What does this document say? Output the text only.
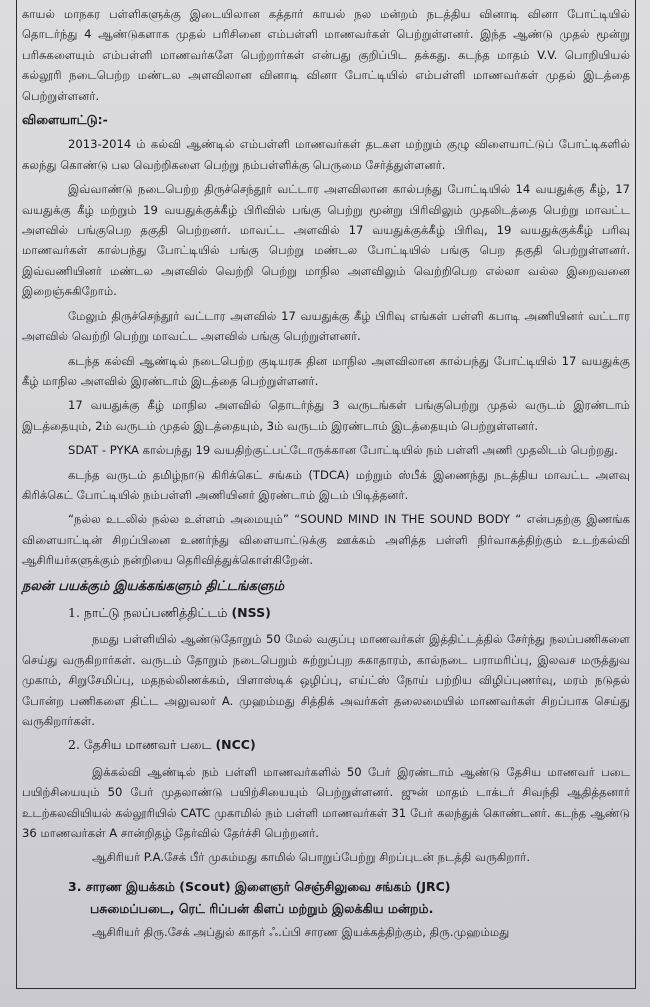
காயல் மாநகர பள்ளிகளுக்கு இடையிலான கத்தார் காயல் நல மன்றம் நடத்திய வினாடி வினா போட்டியில் தொடர்ந்து 4 ஆண்டுகளாக முதல் பரிசினை எம்பள்ளி மாணவர்கள் பெற்றுள்ளனர். இந்த ஆண்டு முதல் மூன்று பரிசுகளையும் எம்பள்ளி மாணவர்களே பெற்றார்கள் என்பது குறிப்பிட தக்கது. கடந்த மாதம் V.V. பொறியியல் கல்லூரி நடைபெற்ற மண்டல அளவிலான வினாடி வினா போட்டியில் எம்பள்ளி மாணவர்கள் முதல் இடத்தை பெற்றுள்ளனர்.

விளையாட்டு:-

2013-2014 ம் கல்வி ஆண்டில் எம்பள்ளி மாணவர்கள் தடகள மற்றும் குழு விளையாட்டுப் போட்டிகளில் கலந்து கொண்டு பல வெற்றிகளை பெற்று நம்பள்ளிக்கு பெருமை சேர்த்துள்ளனர்.

இவ்வாண்டு நடைபெற்ற திருச்செந்தூர் வட்டார அளவிலான கால்பந்து போட்டியில் 14 வயதுக்கு கீழ், 17 வயதுக்கு கீழ் மற்றும் 19 வயதுக்குக்கீழ் பிரிவில் பங்கு பெற்று மூன்று பிரிவிலும் முதலிடத்தை பெற்று மாவட்ட அளவில் பங்குபெற தகுதி பெற்றனர். மாவட்ட அளவில் 17 வயதுக்குக்கீழ் பிரிவு, 19 வயதுக்குக்கீழ் பரிவு மாணவர்கள் கால்பந்து போட்டியில் பங்கு பெற்று மண்டல போட்டியில் பங்கு பெற தகுதி பெற்றுள்ளனர். இவ்வணியினர் மண்டல அளவில் வெற்றி பெற்று மாநில அளவிலும் வெற்றிபெற எல்லா வல்ல இறைவனை இறைஞ்சுகிறோம்.

மேலும் திருச்செந்தூர் வட்டார அளவில் 17 வயதுக்கு கீழ் பிரிவு எங்கள் பள்ளி கபாடி அணியினர் வட்டார அளவில் வெற்றி பெற்று மாவட்ட அளவில் பங்கு பெற்றுள்ளனர்.

கடந்த கல்வி ஆண்டில் நடைபெற்ற குடியரசு தின மாநில அளவிலான கால்பந்து போட்டியில் 17 வயதுக்கு கீழ் மாநில அளவில் இரண்டாம் இடத்தை பெற்றுள்ளனர்.

17 வயதுக்கு கீழ் மாநில அளவில் தொடர்ந்து 3 வருடங்கள் பங்குபெற்று முதல் வருடம் இரண்டாம் இடத்தையும், 2ம் வருடம் முதல் இடத்தையும், 3ம் வருடம் இரண்டாம் இடத்தையும் பெற்றுள்ளனர்.

SDAT - PYKA கால்பந்து 19 வயதிற்குட்பட்டோருக்கான போட்டியில் நம் பள்ளி அணி முதலிடம் பெற்றது.

கடந்த வருடம் தமிழ்நாடு கிரிக்கெட் சங்கம் (TDCA) மற்றும் ஸ்பீக் இணைந்து நடத்திய மாவட்ட அளவு கிரிக்கெட் போட்டியில் நம்பள்ளி அணியினர் இரண்டாம் இடம் பிடித்தனர்.

“நல்ல உடலில் நல்ல உள்ளம் அமையும்” “SOUND MIND IN THE SOUND BODY “ என்பதற்கு இணங்க விளையாட்டின் சிறப்பினை உணர்ந்து விளையாட்டுக்கு ஊக்கம் அளித்த பள்ளி நிர்வாகத்திற்கும் உடற்கல்வி ஆசிரியர்களுக்கும் நன்றியை தெரிவித்துக்கொள்கிறேன்.

நலன் பயக்கும் இயக்கங்களும் திட்டங்களும்
1. நாட்டு நலப்பணித்திட்டம் (NSS)

நமது பள்ளியில் ஆண்டுதோறும் 50 மேல் வகுப்பு மாணவர்கள் இத்திட்டத்தில் சேர்ந்து நலப்பணிகளை செய்து வருகிறார்கள். வருடம் தோறும் நடைபெறும் சுற்றுப்புற சுகாதாரம், கால்நடை பராமரிப்பு, இலவச மருத்துவ முகாம், சிறுசேமிப்பு, மதநல்லிணக்கம், பிளாஸ்டிக் ஒழிப்பு, எய்ட்ஸ் நோய் பற்றிய விழிப்புணர்வு, மரம் நடுதல் போன்ற பணிகளை திட்ட அலுவலர் A. முஹம்மது சித்திக் அவர்கள் தலைமையில் மாணவர்கள் சிறப்பாக செய்து வருகிறார்கள்.

2. தேசிய மாணவர் படை (NCC)

இக்கல்வி ஆண்டில் நம் பள்ளி மாணவர்களில் 50 பேர் இரண்டாம் ஆண்டு தேசிய மாணவர் படை பயிற்சியையும் 50 பேர் முதலாண்டு பயிற்சியையும் பெற்றுள்ளனர். ஜுன் மாதம் டாக்டர் சிவந்தி ஆதித்தனார் உடற்கலவியியல் கல்லூரியில் CATC முகாமில் நம் பள்ளி மாணவர்கள் 31 பேர் கலந்துக் கொண்டனர். கடந்த ஆண்டு 36 மாணவர்கள் A சான்றிதழ் தேர்வில் தேர்ச்சி பெற்றனர்.

ஆசிரியர் P.A.சேக் பீர் முகம்மது காமில் பொறுப்பேற்று சிறப்புடன் நடத்தி வருகிறார்.

3. சாரண இயக்கம் (Scout) இளைஞர் செஞ்சிலுவை சங்கம் (JRC)
பசுமைப்படை, ரெட் ரிப்பன் கிளப் மற்றும் இலக்கிய மன்றம்.

ஆசிரியர் திரு.சேக் அப்துல் காதர் ஃ.ப்பி சாரண இயக்கத்திற்கும், திரு.முஹம்மது
